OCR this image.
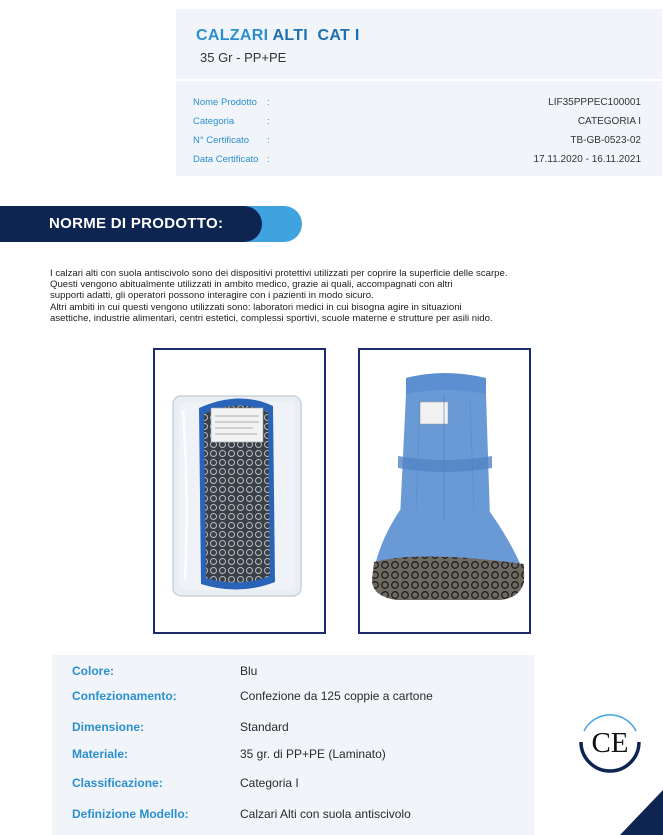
CALZARI ALTI  CAT I
35 Gr - PP+PE
Nome Prodotto :	LIF35PPPEC100001
Categoria	:	CATEGORIA I
N° Certificato :	TB-GB-0523-02
Data Certificato :	17.11.2020 - 16.11.2021
NORME DI PRODOTTO:

I calzari alti con suola antiscivolo sono dei dispositivi protettivi utilizzati per coprire la superficie delle scarpe.

Questi vengono abitualmente utilizzati in ambito medico, grazie ai quali, accompagnati con altri

supporti adatti, gli operatori possono interagire con i pazienti in modo sicuro.

Altri ambiti in cui questi vengono utilizzati sono: laboratori medici in cui bisogna agire in situazioni

asettiche, industrie alimentari, centri estetici, complessi sportivi, scuole materne e strutture per asili nido.

Colore:	Blu
Confezionamento:	Confezione da 125 coppie a cartone
Dimensione:	Standard
Materiale:	35 gr. di PP+PE (Laminato)
Classificazione:	Categoria I
Definizione Modello:	Calzari Alti con suola antiscivolo
CE
